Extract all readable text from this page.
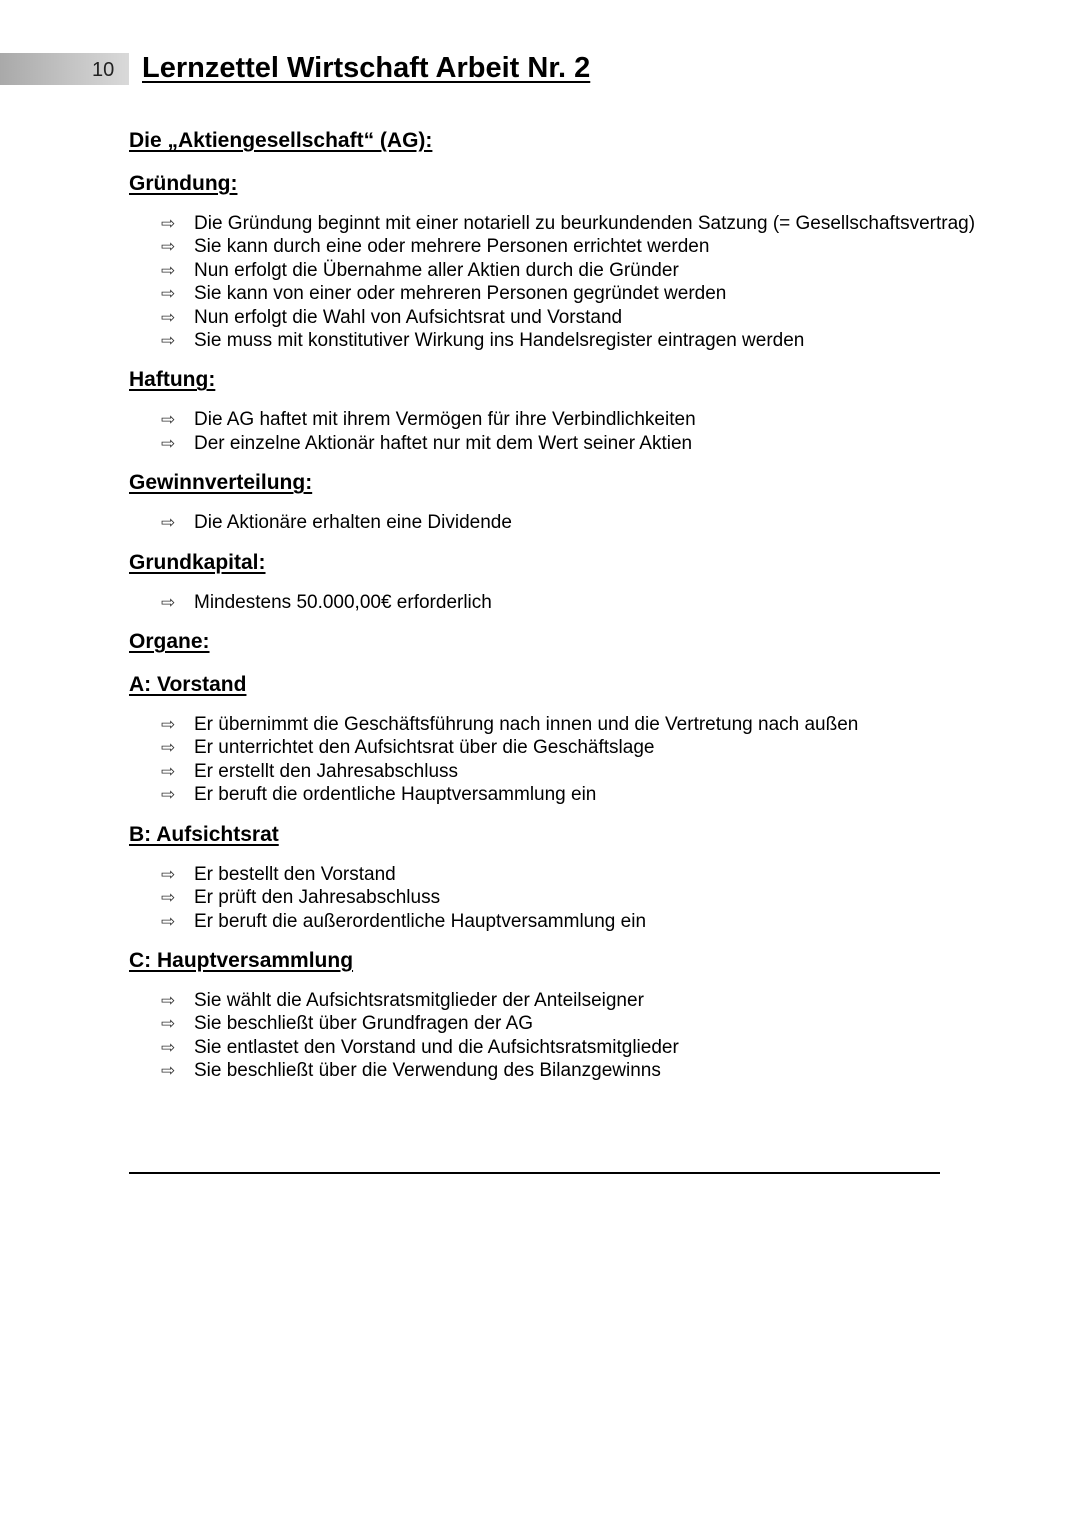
10 Lernzettel Wirtschaft Arbeit Nr. 2
Die „Aktiengesellschaft“ (AG):
Gründung:
⇨ Die Gründung beginnt mit einer notariell zu beurkundenden Satzung (= Gesellschaftsvertrag)
⇨ Sie kann durch eine oder mehrere Personen errichtet werden
⇨ Nun erfolgt die Übernahme aller Aktien durch die Gründer
⇨ Sie kann von einer oder mehreren Personen gegründet werden
⇨ Nun erfolgt die Wahl von Aufsichtsrat und Vorstand
⇨ Sie muss mit konstitutiver Wirkung ins Handelsregister eintragen werden
Haftung:
⇨ Die AG haftet mit ihrem Vermögen für ihre Verbindlichkeiten
⇨ Der einzelne Aktionär haftet nur mit dem Wert seiner Aktien
Gewinnverteilung:
⇨ Die Aktionäre erhalten eine Dividende
Grundkapital:
⇨ Mindestens 50.000,00€ erforderlich
Organe:
A: Vorstand
⇨ Er übernimmt die Geschäftsführung nach innen und die Vertretung nach außen
⇨ Er unterrichtet den Aufsichtsrat über die Geschäftslage
⇨ Er erstellt den Jahresabschluss
⇨ Er beruft die ordentliche Hauptversammlung ein
B: Aufsichtsrat
⇨ Er bestellt den Vorstand
⇨ Er prüft den Jahresabschluss
⇨ Er beruft die außerordentliche Hauptversammlung ein
C: Hauptversammlung
⇨ Sie wählt die Aufsichtsratsmitglieder der Anteilseigner
⇨ Sie beschließt über Grundfragen der AG
⇨ Sie entlastet den Vorstand und die Aufsichtsratsmitglieder
⇨ Sie beschließt über die Verwendung des Bilanzgewinns
